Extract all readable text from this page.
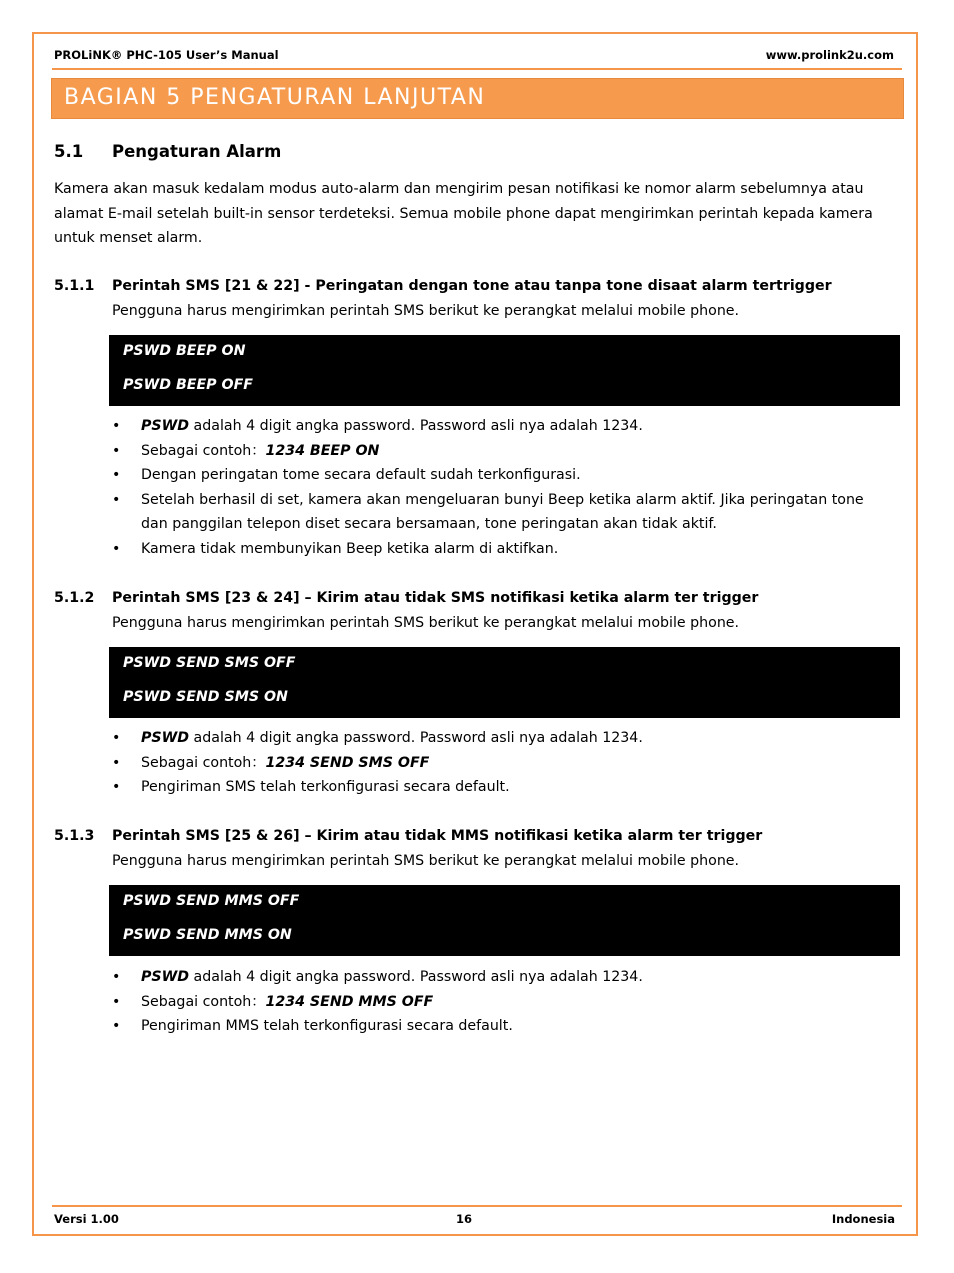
PROLiNK® PHC-105 User’s Manual	www.prolink2u.com
BAGIAN 5 PENGATURAN LANJUTAN
5.1 Pengaturan Alarm
Kamera akan masuk kedalam modus auto-alarm dan mengirim pesan notifikasi ke nomor alarm sebelumnya atau
alamat E-mail setelah built-in sensor terdeteksi. Semua mobile phone dapat mengirimkan perintah kepada kamera
untuk menset alarm.
5.1.1 Perintah SMS [21 & 22] - Peringatan dengan tone atau tanpa tone disaat alarm tertrigger
Pengguna harus mengirimkan perintah SMS berikut ke perangkat melalui mobile phone.
PSWD BEEP ON
PSWD BEEP OFF
• PSWD adalah 4 digit angka password. Password asli nya adalah 1234.
• Sebagai contoh：1234 BEEP ON
• Dengan peringatan tome secara default sudah terkonfigurasi.
• Setelah berhasil di set, kamera akan mengeluaran bunyi Beep ketika alarm aktif. Jika peringatan tone dan panggilan telepon diset secara bersamaan, tone peringatan akan tidak aktif.
• Kamera tidak membunyikan Beep ketika alarm di aktifkan.
5.1.2 Perintah SMS [23 & 24] – Kirim atau tidak SMS notifikasi ketika alarm ter trigger
Pengguna harus mengirimkan perintah SMS berikut ke perangkat melalui mobile phone.
PSWD SEND SMS OFF
PSWD SEND SMS ON
• PSWD adalah 4 digit angka password. Password asli nya adalah 1234.
• Sebagai contoh：1234 SEND SMS OFF
• Pengiriman SMS telah terkonfigurasi secara default.
5.1.3 Perintah SMS [25 & 26] – Kirim atau tidak MMS notifikasi ketika alarm ter trigger
Pengguna harus mengirimkan perintah SMS berikut ke perangkat melalui mobile phone.
PSWD SEND MMS OFF
PSWD SEND MMS ON
• PSWD adalah 4 digit angka password. Password asli nya adalah 1234.
• Sebagai contoh：1234 SEND MMS OFF
• Pengiriman MMS telah terkonfigurasi secara default.
Versi 1.00	16	Indonesia
